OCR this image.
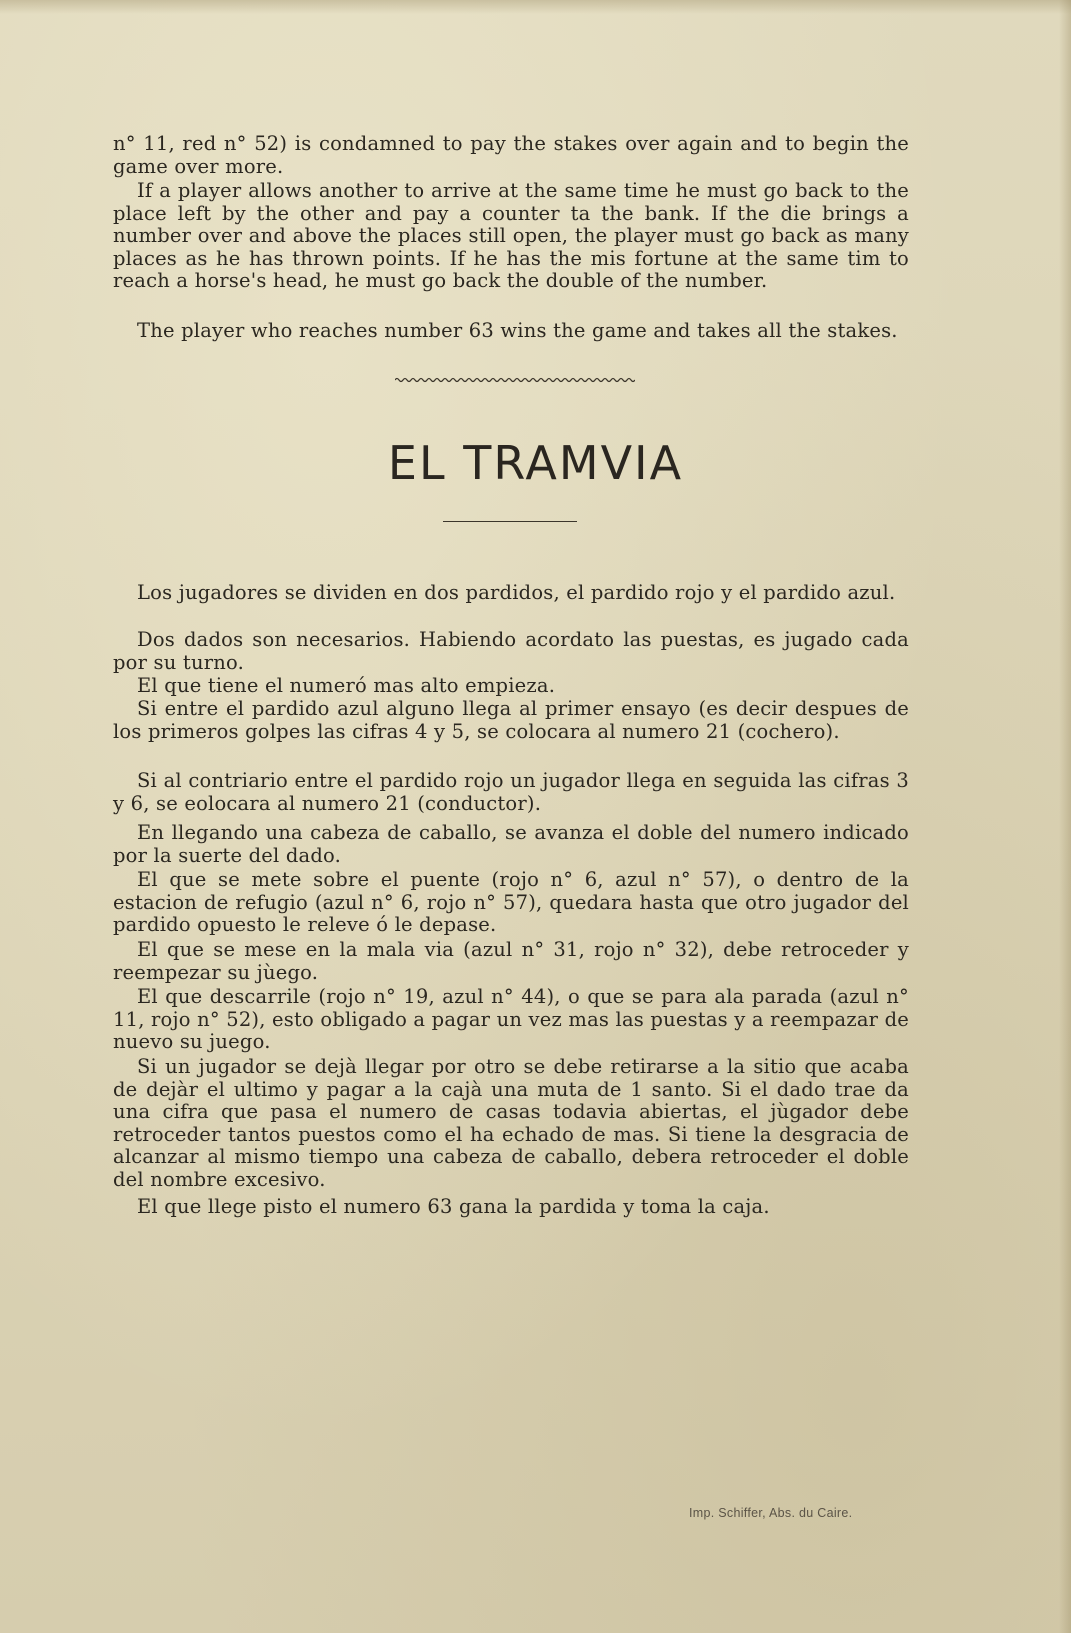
n° 11, red n° 52) is condamned to pay the stakes over again and to begin the game over more.

If a player allows another to arrive at the same time he must go back to the place left by the other and pay a counter ta the bank. If the die brings a number over and above the places still open, the player must go back as many places as he has thrown points. If he has the mis fortune at the same tim to reach a horse's head, he must go back the double of the number.

The player who reaches number 63 wins the game and takes all the stakes.

EL TRAMVIA

Los jugadores se dividen en dos pardidos, el pardido rojo y el pardido azul.

Dos dados son necesarios. Habiendo acordato las puestas, es jugado cada por su turno.

El que tiene el numeró mas alto empieza.

Si entre el pardido azul alguno llega al primer ensayo (es decir despues de los primeros golpes las cifras 4 y 5, se colocara al numero 21 (cochero).

Si al contriario entre el pardido rojo un jugador llega en seguida las cifras 3 y 6, se eolocara al numero 21 (conductor).

En llegando una cabeza de caballo, se avanza el doble del numero indicado por la suerte del dado.

El que se mete sobre el puente (rojo n° 6, azul n° 57), o dentro de la estacion de refugio (azul n° 6, rojo n° 57), quedara hasta que otro jugador del pardido opuesto le releve ó le depase.

El que se mese en la mala via (azul n° 31, rojo n° 32), debe retroceder y reempezar su jùego.

El que descarrile (rojo n° 19, azul n° 44), o que se para ala parada (azul n° 11, rojo n° 52), esto obligado a pagar un vez mas las puestas y a reempazar de nuevo su juego.

Si un jugador se dejà llegar por otro se debe retirarse a la sitio que acaba de dejàr el ultimo y pagar a la cajà una muta de 1 santo. Si el dado trae da una cifra que pasa el numero de casas todavia abiertas, el jùgador debe retroceder tantos puestos como el ha echado de mas. Si tiene la desgracia de alcanzar al mismo tiempo una cabeza de caballo, debera retroceder el doble del nombre excesivo.

El que llege pisto el numero 63 gana la pardida y toma la caja.

Imp. Schiffer, Abs. du Caire.
